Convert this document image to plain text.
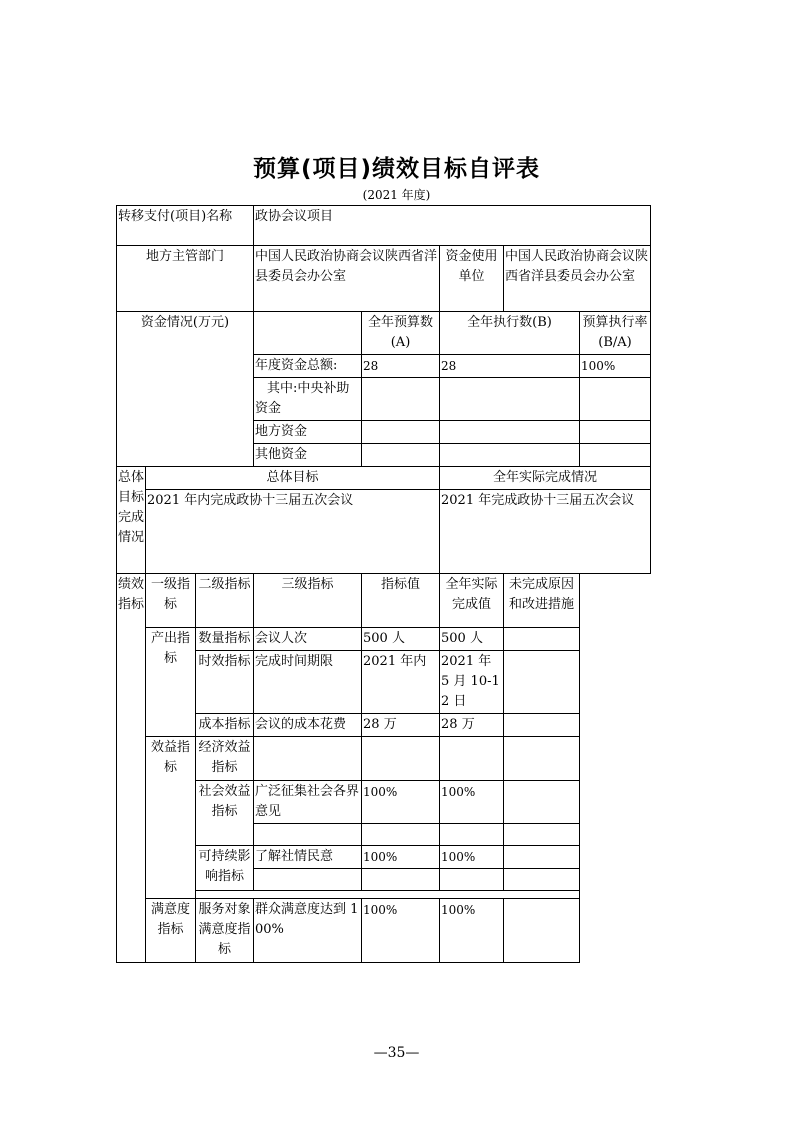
预算(项目)绩效目标自评表
(2021 年度)
转移支付(项目)名称			政协会议项目				
地方主管部门			中国人民政治协商会议陕西省洋县委员会办公室		资金使用单位	中国人民政治协商会议陕西省洋县委员会办公室	
资金情况(万元)				全年预算数(A)	全年执行数(B)		预算执行率(B/A)
			年度资金总额:	28	28		100%
			其中:中央补助资金				
			地方资金				
			其他资金				
总体目标完成情况	总体目标				全年实际完成情况		
	2021 年内完成政协十三届五次会议				2021 年完成政协十三届五次会议		
绩效指标	一级指标	二级指标	三级指标	指标值	全年实际完成值	未完成原因和改进措施	
	产出指标	数量指标	会议人次	500 人	500 人		
		时效指标	完成时间期限	2021 年内	2021 年 5 月 10-12 日		
		成本指标	会议的成本花费	28 万	28 万		
	效益指标	经济效益指标					
		社会效益指标	广泛征集社会各界意见	100%	100%		

		可持续影响指标	了解社情民意	100%	100%		

	满意度指标	服务对象满意度指标	群众满意度达到 100%	100%	100%		
—35—
